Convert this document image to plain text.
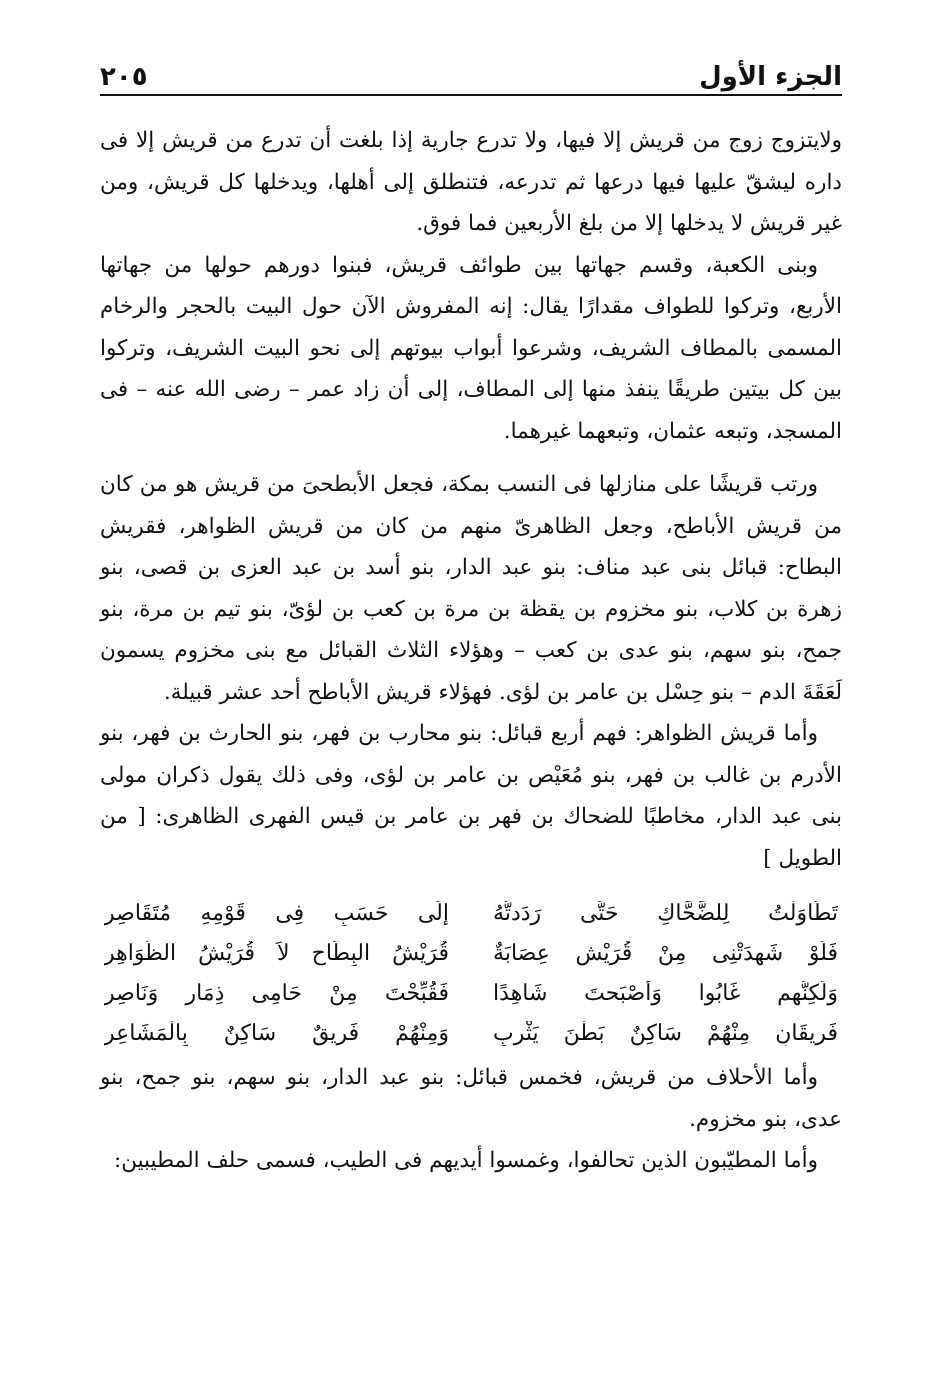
الجزء الأول
٢٠٥

ولايتزوج زوج من قريش إلا فيها، ولا تدرع جارية إذا بلغت أن تدرع من قريش إلا فى داره ليشقّ عليها فيها درعها ثم تدرعه، فتنطلق إلى أهلها، ويدخلها كل قريش، ومن غير قريش لا يدخلها إلا من بلغ الأربعين فما فوق.

وبنى الكعبة، وقسم جهاتها بين طوائف قريش، فبنوا دورهم حولها من جهاتها الأربع، وتركوا للطواف مقدارًا يقال: إنه المفروش الآن حول البيت بالحجر والرخام المسمى بالمطاف الشريف، وشرعوا أبواب بيوتهم إلى نحو البيت الشريف، وتركوا بين كل بيتين طريقًا ينفذ منها إلى المطاف، إلى أن زاد عمر – رضى الله عنه – فى المسجد، وتبعه عثمان، وتبعهما غيرهما.

ورتب قريشًا على منازلها فى النسب بمكة، فجعل الأبطحىَ من قريش هو من كان من قريش الأباطح، وجعل الظاهرىّ منهم من كان من قريش الظواهر، فقريش البطاح: قبائل بنى عبد مناف: بنو عبد الدار، بنو أسد بن عبد العزى بن قصى، بنو زهرة بن كلاب، بنو مخزوم بن يقظة بن مرة بن كعب بن لؤىّ، بنو تيم بن مرة، بنو جمح، بنو سهم، بنو عدى بن كعب – وهؤلاء الثلاث القبائل مع بنى مخزوم يسمون لَعَقَةَ الدم – بنو حِسْل بن عامر بن لؤى. فهؤلاء قريش الأباطح أحد عشر قبيلة.

وأما قريش الظواهر: فهم أربع قبائل: بنو محارب بن فهر، بنو الحارث بن فهر، بنو الأدرم بن غالب بن فهر، بنو مُعَيْص بن عامر بن لؤى، وفى ذلك يقول ذكران مولى بنى عبد الدار، مخاطبًا للضحاك بن فهر بن عامر بن قيس الفهرى الظاهرى: [ من الطويل ]

تَطَاوَلْتُ لِلضَّحَّاكِ حَتَّى رَدَدتُّهُ
إِلَى حَسَبٍ فِى قَوْمِهِ مُتَقَاصِرِ
فَلَوْ شَهِدَتْنِى مِنْ قُرَيْشٍ عِصَابَةٌ
قُرَيْشُ البِطَاحِ لاَ قُرَيْشُ الظَّوَاهِرِ
وَلَكِنَّهم غَابُوا وَأَصْبَحتَ شَاهِدًا
فَقُبِّحْتَ مِنْ حَامِى ذِمَارٍ وَنَاصِرِ
فَرِيقَانِ مِنْهُمْ سَاكِنٌ بَطْنَ يَثْرِبٍ
وَمِنْهُمْ فَرِيقٌ سَاكِنٌ بِالْمَشَاعِرِ

وأما الأحلاف من قريش، فخمس قبائل: بنو عبد الدار، بنو سهم، بنو جمح، بنو عدى، بنو مخزوم.

وأما المطيّبون الذين تحالفوا، وغمسوا أيديهم فى الطيب، فسمى حلف المطيبين:
